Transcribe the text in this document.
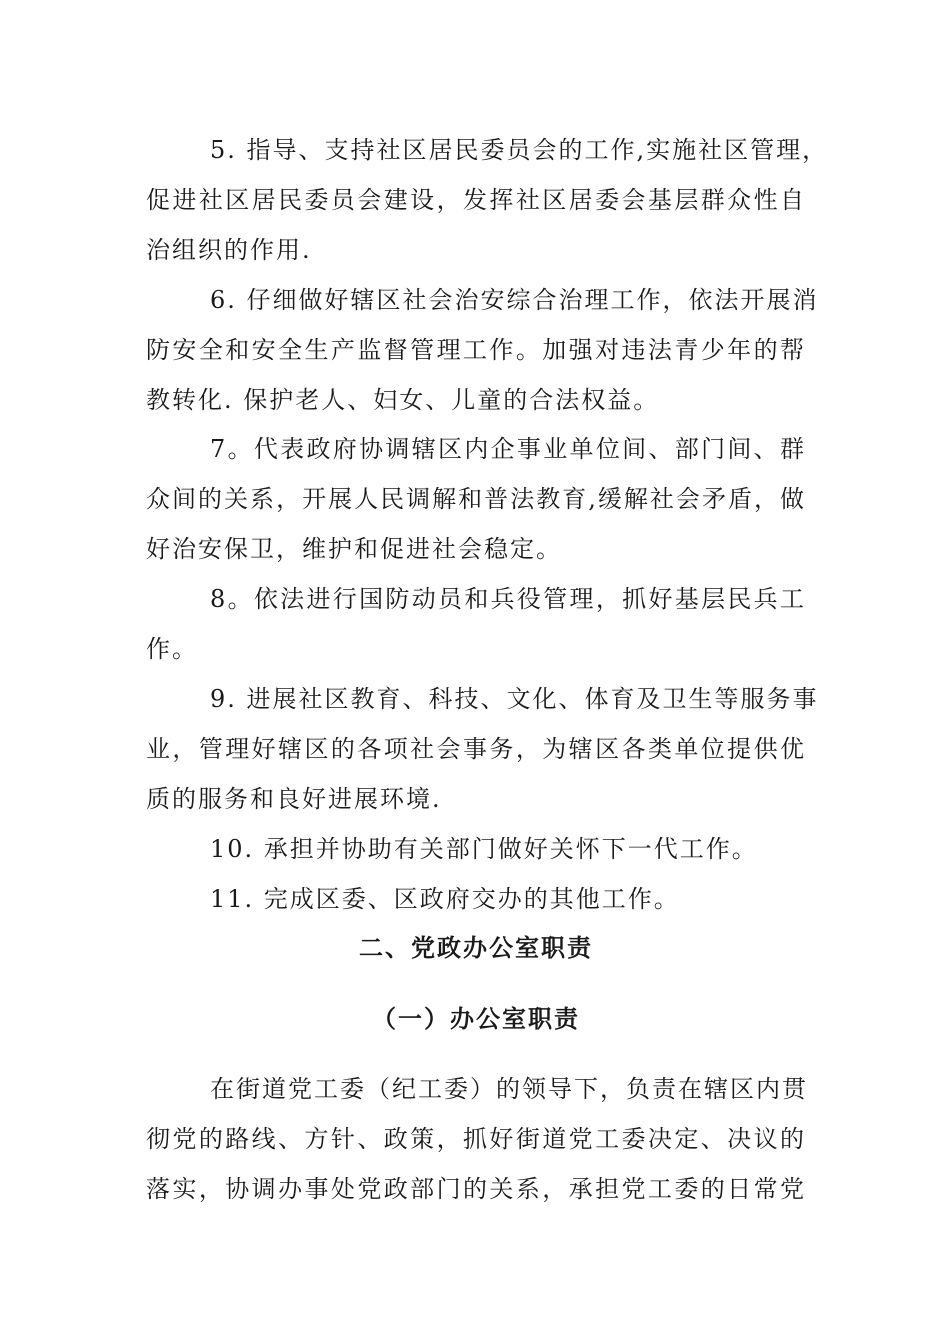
5. 指导、支持社区居民委员会的工作,实施社区管理，
促进社区居民委员会建设，发挥社区居委会基层群众性自
治组织的作用.
6. 仔细做好辖区社会治安综合治理工作，依法开展消
防安全和安全生产监督管理工作。加强对违法青少年的帮
教转化. 保护老人、妇女、儿童的合法权益。
7。代表政府协调辖区内企事业单位间、部门间、群
众间的关系，开展人民调解和普法教育,缓解社会矛盾，做
好治安保卫，维护和促进社会稳定。
8。依法进行国防动员和兵役管理，抓好基层民兵工
作。
9. 进展社区教育、科技、文化、体育及卫生等服务事
业，管理好辖区的各项社会事务，为辖区各类单位提供优
质的服务和良好进展环境.
10. 承担并协助有关部门做好关怀下一代工作。
11. 完成区委、区政府交办的其他工作。
二、党政办公室职责
（一）办公室职责
在街道党工委（纪工委）的领导下，负责在辖区内贯
彻党的路线、方针、政策，抓好街道党工委决定、决议的
落实，协调办事处党政部门的关系，承担党工委的日常党
